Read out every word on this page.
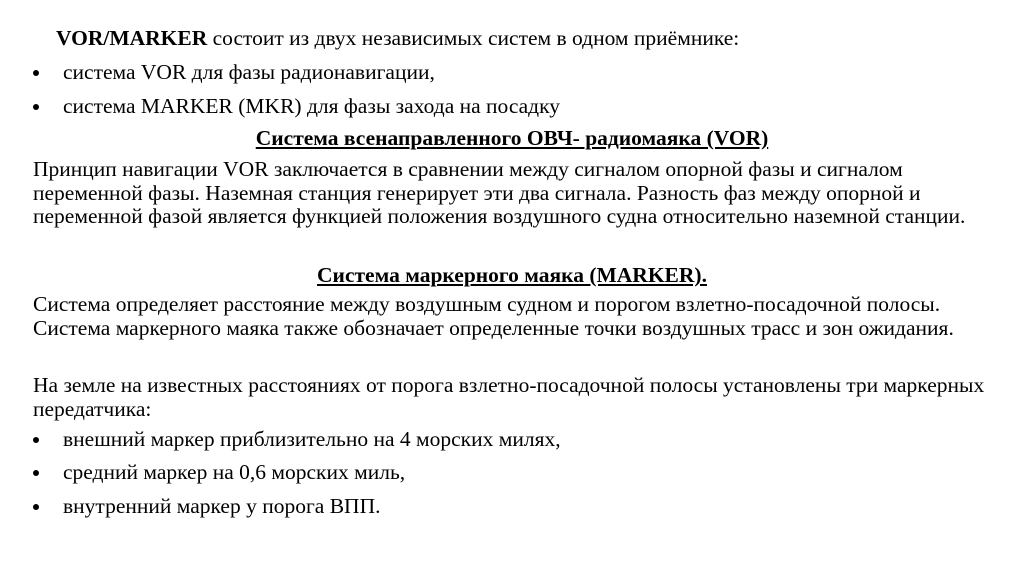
VOR/MARKER состоит из двух независимых систем в одном приёмнике:
система VOR для фазы радионавигации,
система MARKER (MKR) для фазы захода на посадку
Система всенаправленного ОВЧ- радиомаяка (VOR)
Принцип навигации VOR заключается в сравнении между сигналом опорной фазы и сигналом переменной фазы. Наземная станция генерирует эти два сигнала. Разность фаз между опорной и переменной фазой является функцией положения воздушного судна относительно наземной станции.
Система маркерного маяка (MARKER).
Система определяет расстояние между воздушным судном и порогом взлетно-посадочной полосы. Система маркерного маяка также обозначает определенные точки воздушных трасс и зон ожидания.
На земле на известных расстояниях от порога взлетно-посадочной полосы установлены три маркерных передатчика:
внешний маркер приблизительно на 4 морских милях,
средний маркер на 0,6 морских миль,
внутренний маркер у порога ВПП.
